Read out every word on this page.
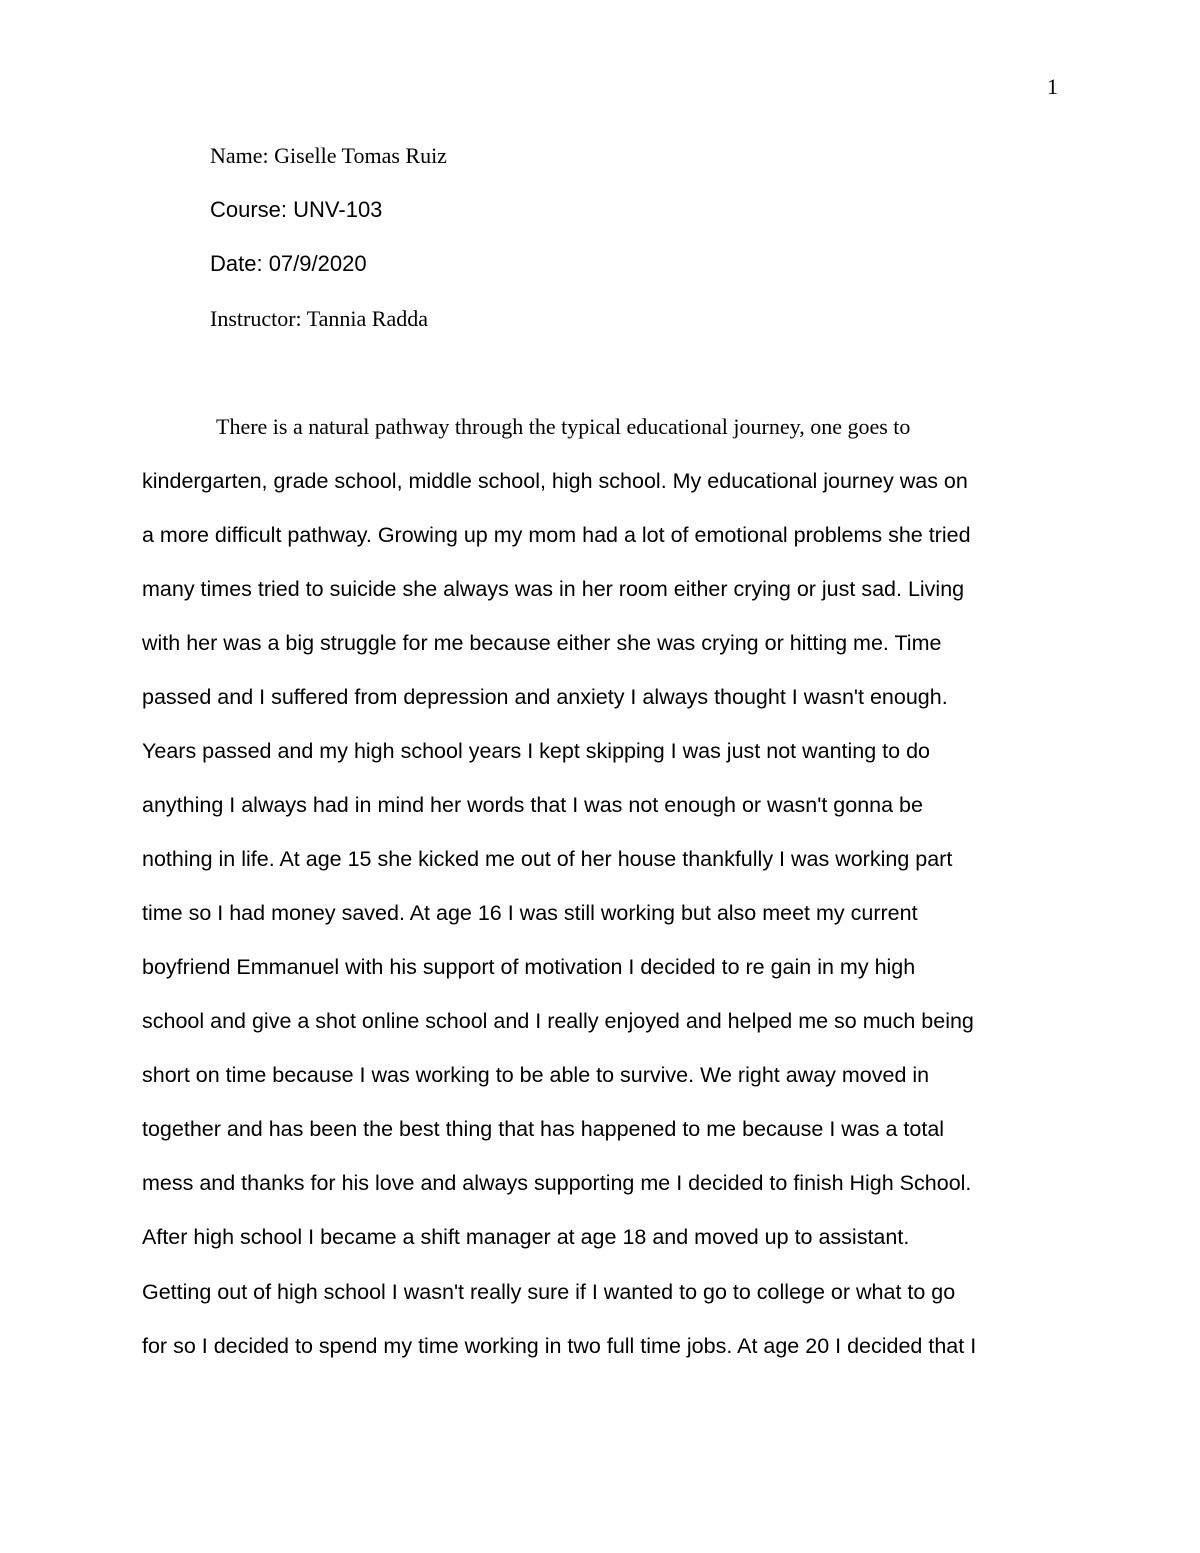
1
Name: Giselle Tomas Ruiz
Course: UNV-103
Date: 07/9/2020
Instructor: Tannia Radda
There is a natural pathway through the typical educational journey, one goes to
kindergarten, grade school, middle school, high school. My educational journey was on
a more difficult pathway. Growing up my mom had a lot of emotional problems she tried
many times tried to suicide she always was in her room either crying or just sad. Living
with her was a big struggle for me because either she was crying or hitting me. Time
passed and I suffered from depression and anxiety I always thought I wasn't enough.
Years passed and my high school years I kept skipping I was just not wanting to do
anything I always had in mind her words that I was not enough or wasn't gonna be
nothing in life. At age 15 she kicked me out of her house thankfully I was working part
time so I had money saved. At age 16 I was still working but also meet my current
boyfriend Emmanuel with his support of motivation I decided to re gain in my high
school and give a shot online school and I really enjoyed and helped me so much being
short on time because I was working to be able to survive. We right away moved in
together and has been the best thing that has happened to me because I was a total
mess and thanks for his love and always supporting me I decided to finish High School.
After high school I became a shift manager at age 18 and moved up to assistant.
Getting out of high school I wasn't really sure if I wanted to go to college or what to go
for so I decided to spend my time working in two full time jobs. At age 20 I decided that I
